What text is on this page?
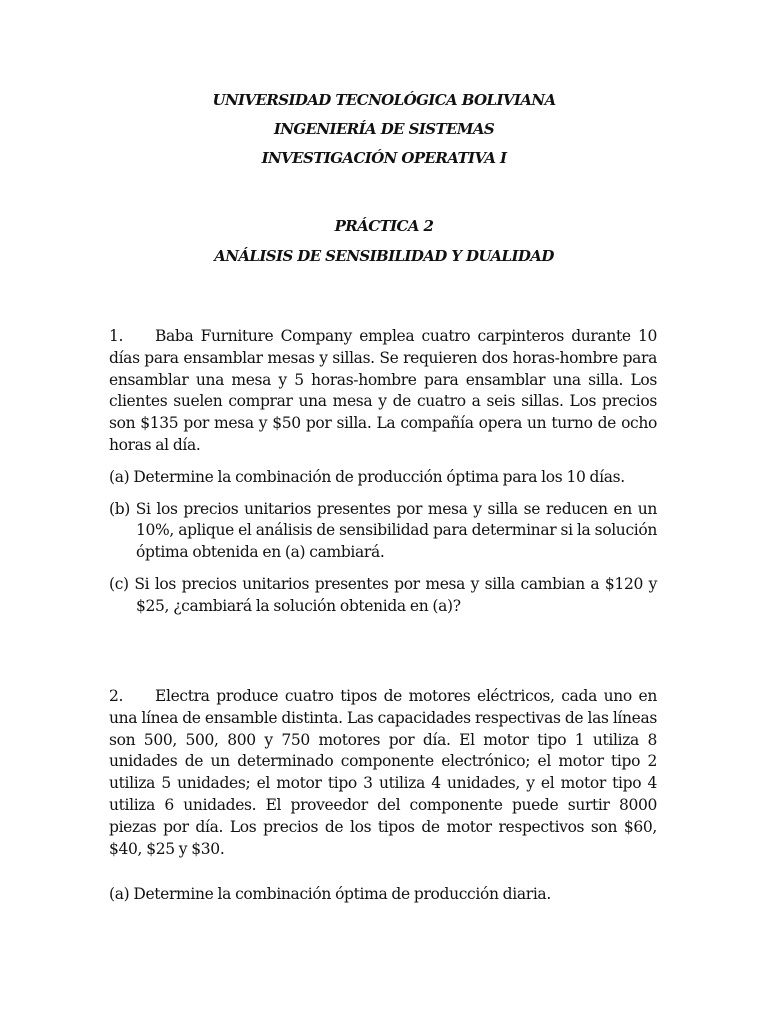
UNIVERSIDAD TECNOLÓGICA BOLIVIANA

INGENIERÍA DE SISTEMAS

INVESTIGACIÓN OPERATIVA I

PRÁCTICA 2

ANÁLISIS DE SENSIBILIDAD Y DUALIDAD

1. Baba Furniture Company emplea cuatro carpinteros durante 10 días para ensamblar mesas y sillas. Se requieren dos horas-hombre para ensamblar una mesa y 5 horas-hombre para ensamblar una silla. Los clientes suelen comprar una mesa y de cuatro a seis sillas. Los precios son $135 por mesa y $50 por silla. La compañía opera un turno de ocho horas al día.

(a) Determine la combinación de producción óptima para los 10 días.

(b) Si los precios unitarios presentes por mesa y silla se reducen en un 10%, aplique el análisis de sensibilidad para determinar si la solución óptima obtenida en (a) cambiará.

(c) Si los precios unitarios presentes por mesa y silla cambian a $120 y $25, ¿cambiará la solución obtenida en (a)?

2. Electra produce cuatro tipos de motores eléctricos, cada uno en una línea de ensamble distinta. Las capacidades respectivas de las líneas son 500, 500, 800 y 750 motores por día. El motor tipo 1 utiliza 8 unidades de un determinado componente electrónico; el motor tipo 2 utiliza 5 unidades; el motor tipo 3 utiliza 4 unidades, y el motor tipo 4 utiliza 6 unidades. El proveedor del componente puede surtir 8000 piezas por día. Los precios de los tipos de motor respectivos son $60, $40, $25 y $30.

(a) Determine la combinación óptima de producción diaria.
